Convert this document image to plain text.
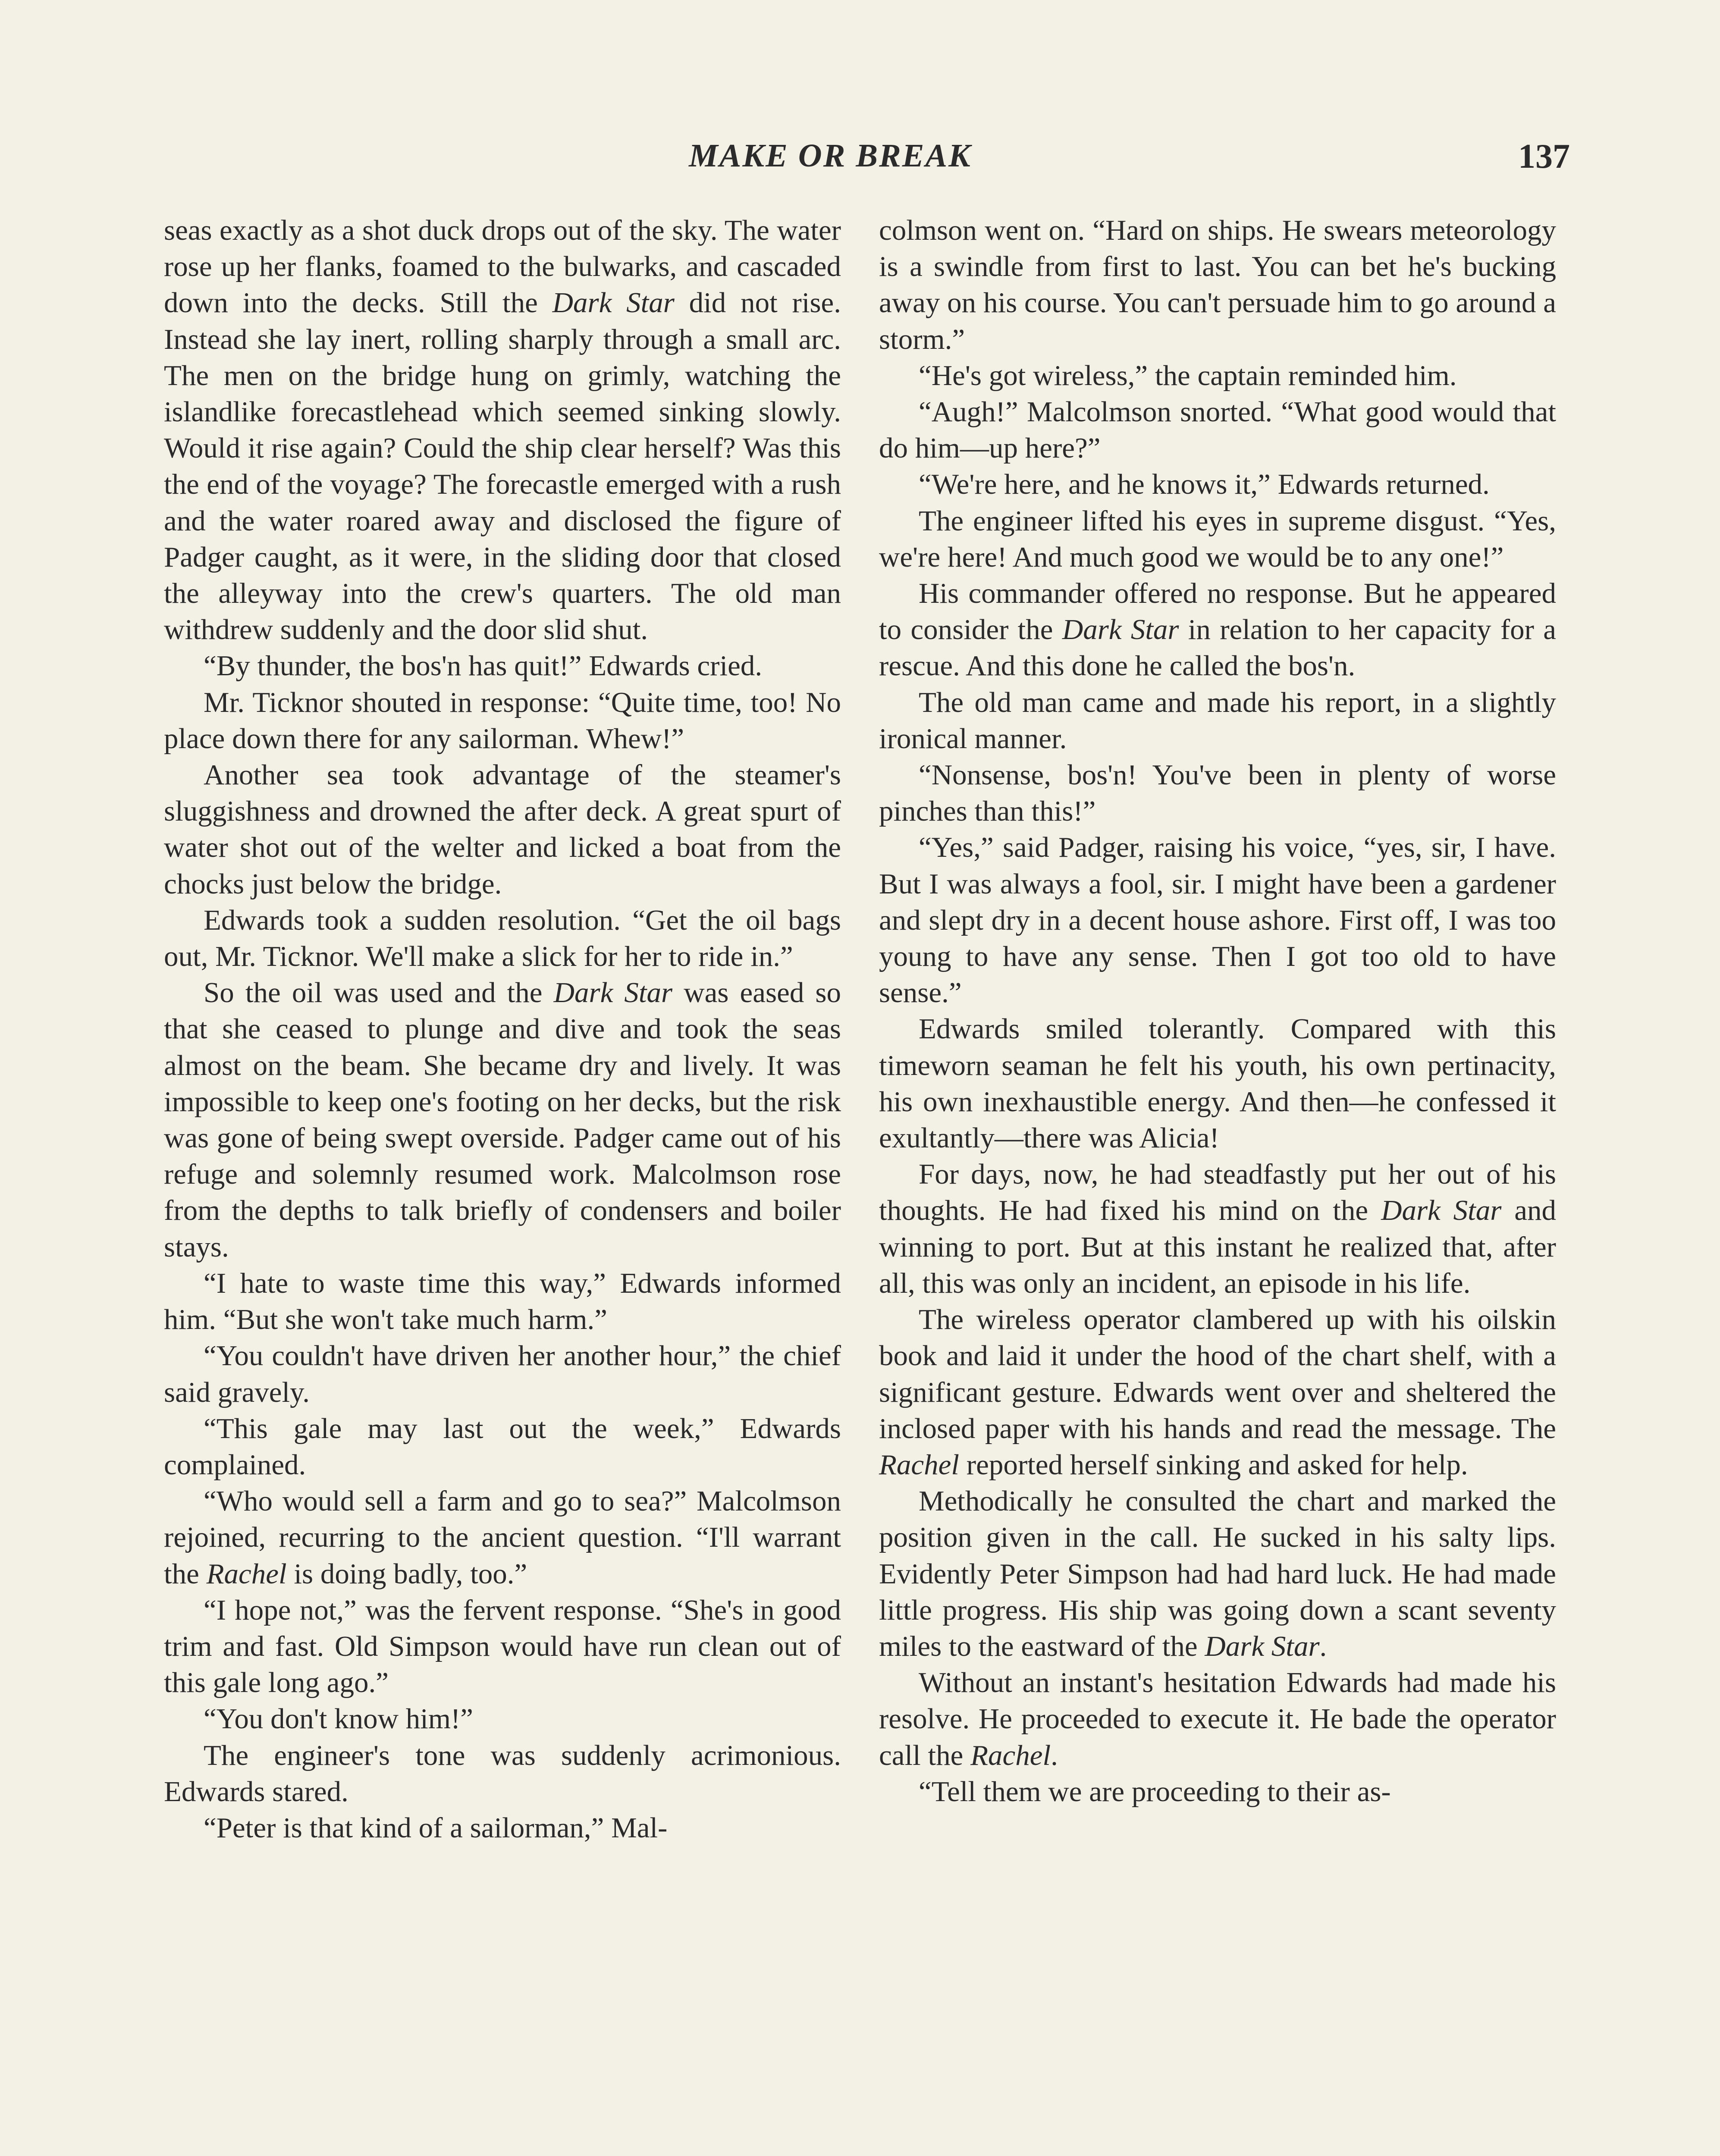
MAKE OR BREAK	137

seas exactly as a shot duck drops out of the sky. The water rose up her flanks, foamed to the bulwarks, and cascaded down into the decks. Still the Dark Star did not rise. Instead she lay inert, rolling sharply through a small arc. The men on the bridge hung on grimly, watching the islandlike forecastlehead which seemed sinking slowly. Would it rise again? Could the ship clear herself? Was this the end of the voyage? The forecastle emerged with a rush and the water roared away and disclosed the figure of Padger caught, as it were, in the sliding door that closed the alleyway into the crew's quarters. The old man withdrew suddenly and the door slid shut.

“By thunder, the bos'n has quit!” Edwards cried.

Mr. Ticknor shouted in response: “Quite time, too! No place down there for any sailorman. Whew!”

Another sea took advantage of the steamer's sluggishness and drowned the after deck. A great spurt of water shot out of the welter and licked a boat from the chocks just below the bridge.

Edwards took a sudden resolution. “Get the oil bags out, Mr. Ticknor. We'll make a slick for her to ride in.”

So the oil was used and the Dark Star was eased so that she ceased to plunge and dive and took the seas almost on the beam. She became dry and lively. It was impossible to keep one's footing on her decks, but the risk was gone of being swept overside. Padger came out of his refuge and solemnly resumed work. Malcolmson rose from the depths to talk briefly of condensers and boiler stays.

“I hate to waste time this way,” Edwards informed him. “But she won't take much harm.”

“You couldn't have driven her another hour,” the chief said gravely.

“This gale may last out the week,” Edwards complained.

“Who would sell a farm and go to sea?” Malcolmson rejoined, recurring to the ancient question. “I'll warrant the Rachel is doing badly, too.”

“I hope not,” was the fervent response. “She's in good trim and fast. Old Simpson would have run clean out of this gale long ago.”

“You don't know him!”

The engineer's tone was suddenly acrimonious. Edwards stared.

“Peter is that kind of a sailorman,” Mal-

colmson went on. “Hard on ships. He swears meteorology is a swindle from first to last. You can bet he's bucking away on his course. You can't persuade him to go around a storm.”

“He's got wireless,” the captain reminded him.

“Augh!” Malcolmson snorted. “What good would that do him—up here?”

“We're here, and he knows it,” Edwards returned.

The engineer lifted his eyes in supreme disgust. “Yes, we're here! And much good we would be to any one!”

His commander offered no response. But he appeared to consider the Dark Star in relation to her capacity for a rescue. And this done he called the bos'n.

The old man came and made his report, in a slightly ironical manner.

“Nonsense, bos'n! You've been in plenty of worse pinches than this!”

“Yes,” said Padger, raising his voice, “yes, sir, I have. But I was always a fool, sir. I might have been a gardener and slept dry in a decent house ashore. First off, I was too young to have any sense. Then I got too old to have sense.”

Edwards smiled tolerantly. Compared with this timeworn seaman he felt his youth, his own pertinacity, his own inexhaustible energy. And then—he confessed it exultantly—there was Alicia!

For days, now, he had steadfastly put her out of his thoughts. He had fixed his mind on the Dark Star and winning to port. But at this instant he realized that, after all, this was only an incident, an episode in his life.

The wireless operator clambered up with his oilskin book and laid it under the hood of the chart shelf, with a significant gesture. Edwards went over and sheltered the inclosed paper with his hands and read the message. The Rachel reported herself sinking and asked for help.

Methodically he consulted the chart and marked the position given in the call. He sucked in his salty lips. Evidently Peter Simpson had had hard luck. He had made little progress. His ship was going down a scant seventy miles to the eastward of the Dark Star.

Without an instant's hesitation Edwards had made his resolve. He proceeded to execute it. He bade the operator call the Rachel.

“Tell them we are proceeding to their as-
